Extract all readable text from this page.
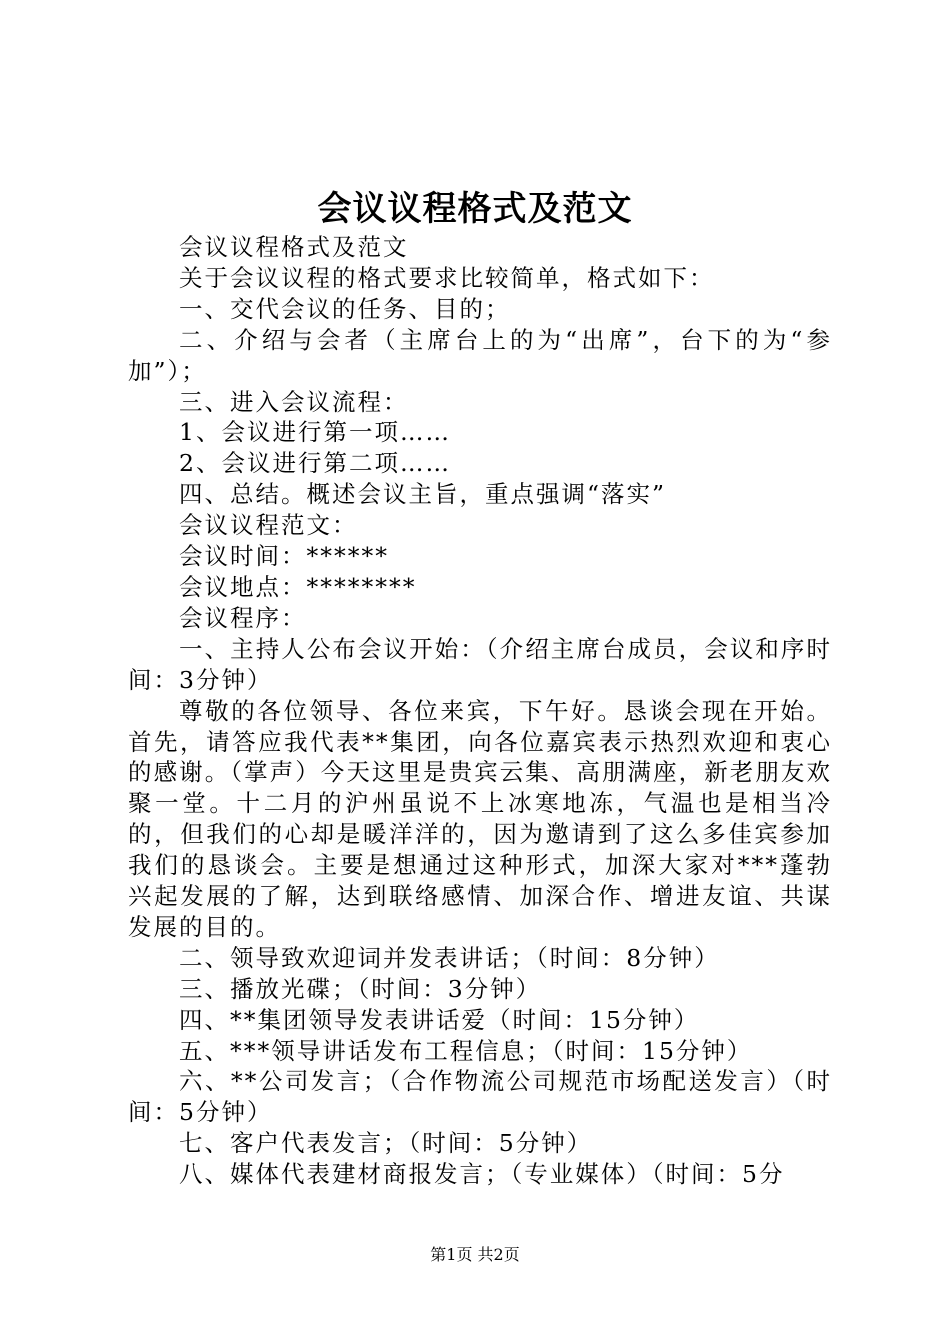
会议议程格式及范文

会议议程格式及范文

关于会议议程的格式要求比较简单，格式如下：

一、交代会议的任务、目的；

二、介绍与会者（主席台上的为“出席”，台下的为“参加”）；

三、进入会议流程：

1、会议进行第一项……

2、会议进行第二项……

四、总结。概述会议主旨，重点强调“落实”

会议议程范文：

会议时间：******

会议地点：********

会议程序：

一、主持人公布会议开始：（介绍主席台成员，会议和序时间：3分钟）

尊敬的各位领导、各位来宾，下午好。恳谈会现在开始。首先，请答应我代表**集团，向各位嘉宾表示热烈欢迎和衷心的感谢。（掌声）今天这里是贵宾云集、高朋满座，新老朋友欢聚一堂。十二月的沪州虽说不上冰寒地冻，气温也是相当冷的，但我们的心却是暖洋洋的，因为邀请到了这么多佳宾参加我们的恳谈会。主要是想通过这种形式，加深大家对***蓬勃兴起发展的了解，达到联络感情、加深合作、增进友谊、共谋发展的目的。

二、领导致欢迎词并发表讲话；（时间：8分钟）

三、播放光碟；（时间：3分钟）

四、**集团领导发表讲话爱（时间：15分钟）

五、***领导讲话发布工程信息；（时间：15分钟）

六、**公司发言；（合作物流公司规范市场配送发言）（时间：5分钟）

七、客户代表发言；（时间：5分钟）

八、媒体代表建材商报发言；（专业媒体）（时间：5分

第1页 共2页
